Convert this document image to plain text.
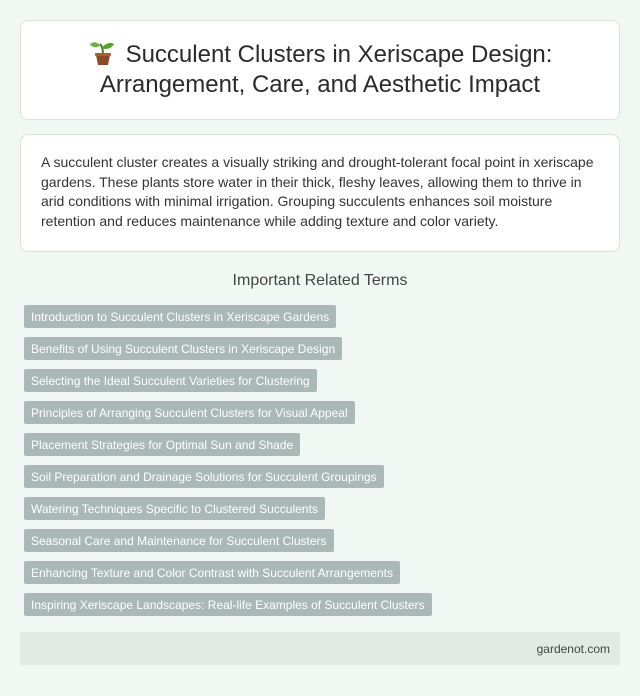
Succulent Clusters in Xeriscape Design: Arrangement, Care, and Aesthetic Impact

A succulent cluster creates a visually striking and drought-tolerant focal point in xeriscape gardens. These plants store water in their thick, fleshy leaves, allowing them to thrive in arid conditions with minimal irrigation. Grouping succulents enhances soil moisture retention and reduces maintenance while adding texture and color variety.

Important Related Terms
Introduction to Succulent Clusters in Xeriscape Gardens
Benefits of Using Succulent Clusters in Xeriscape Design
Selecting the Ideal Succulent Varieties for Clustering
Principles of Arranging Succulent Clusters for Visual Appeal
Placement Strategies for Optimal Sun and Shade
Soil Preparation and Drainage Solutions for Succulent Groupings
Watering Techniques Specific to Clustered Succulents
Seasonal Care and Maintenance for Succulent Clusters
Enhancing Texture and Color Contrast with Succulent Arrangements
Inspiring Xeriscape Landscapes: Real-life Examples of Succulent Clusters
gardenot.com
